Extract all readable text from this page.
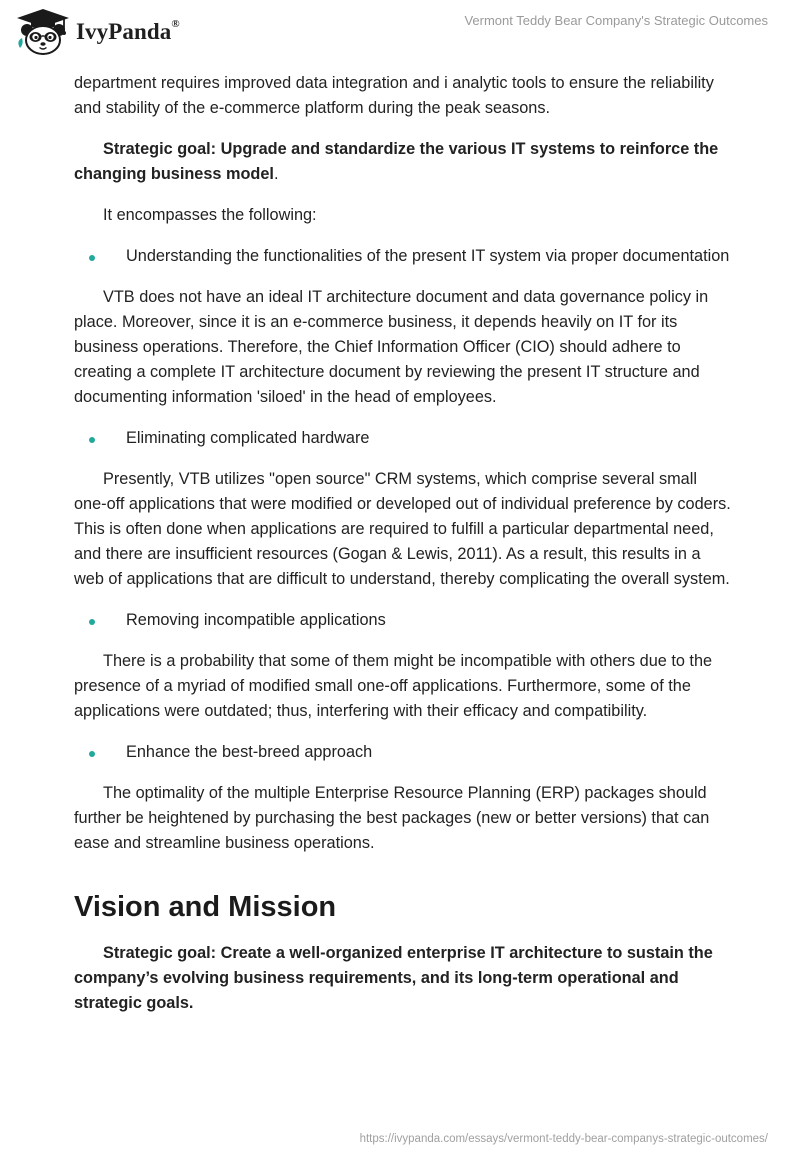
IvyPanda®	Vermont Teddy Bear Company's Strategic Outcomes

department requires improved data integration and i analytic tools to ensure the reliability and stability of the e-commerce platform during the peak seasons.

Strategic goal: Upgrade and standardize the various IT systems to reinforce the changing business model.

It encompasses the following:

Understanding the functionalities of the present IT system via proper documentation

VTB does not have an ideal IT architecture document and data governance policy in place. Moreover, since it is an e-commerce business, it depends heavily on IT for its business operations. Therefore, the Chief Information Officer (CIO) should adhere to creating a complete IT architecture document by reviewing the present IT structure and documenting information 'siloed' in the head of employees.

Eliminating complicated hardware

Presently, VTB utilizes "open source" CRM systems, which comprise several small one-off applications that were modified or developed out of individual preference by coders. This is often done when applications are required to fulfill a particular departmental need, and there are insufficient resources (Gogan & Lewis, 2011). As a result, this results in a web of applications that are difficult to understand, thereby complicating the overall system.

Removing incompatible applications

There is a probability that some of them might be incompatible with others due to the presence of a myriad of modified small one-off applications. Furthermore, some of the applications were outdated; thus, interfering with their efficacy and compatibility.

Enhance the best-breed approach

The optimality of the multiple Enterprise Resource Planning (ERP) packages should further be heightened by purchasing the best packages (new or better versions) that can ease and streamline business operations.

Vision and Mission

Strategic goal: Create a well-organized enterprise IT architecture to sustain the company’s evolving business requirements, and its long-term operational and strategic goals.

https://ivypanda.com/essays/vermont-teddy-bear-companys-strategic-outcomes/
